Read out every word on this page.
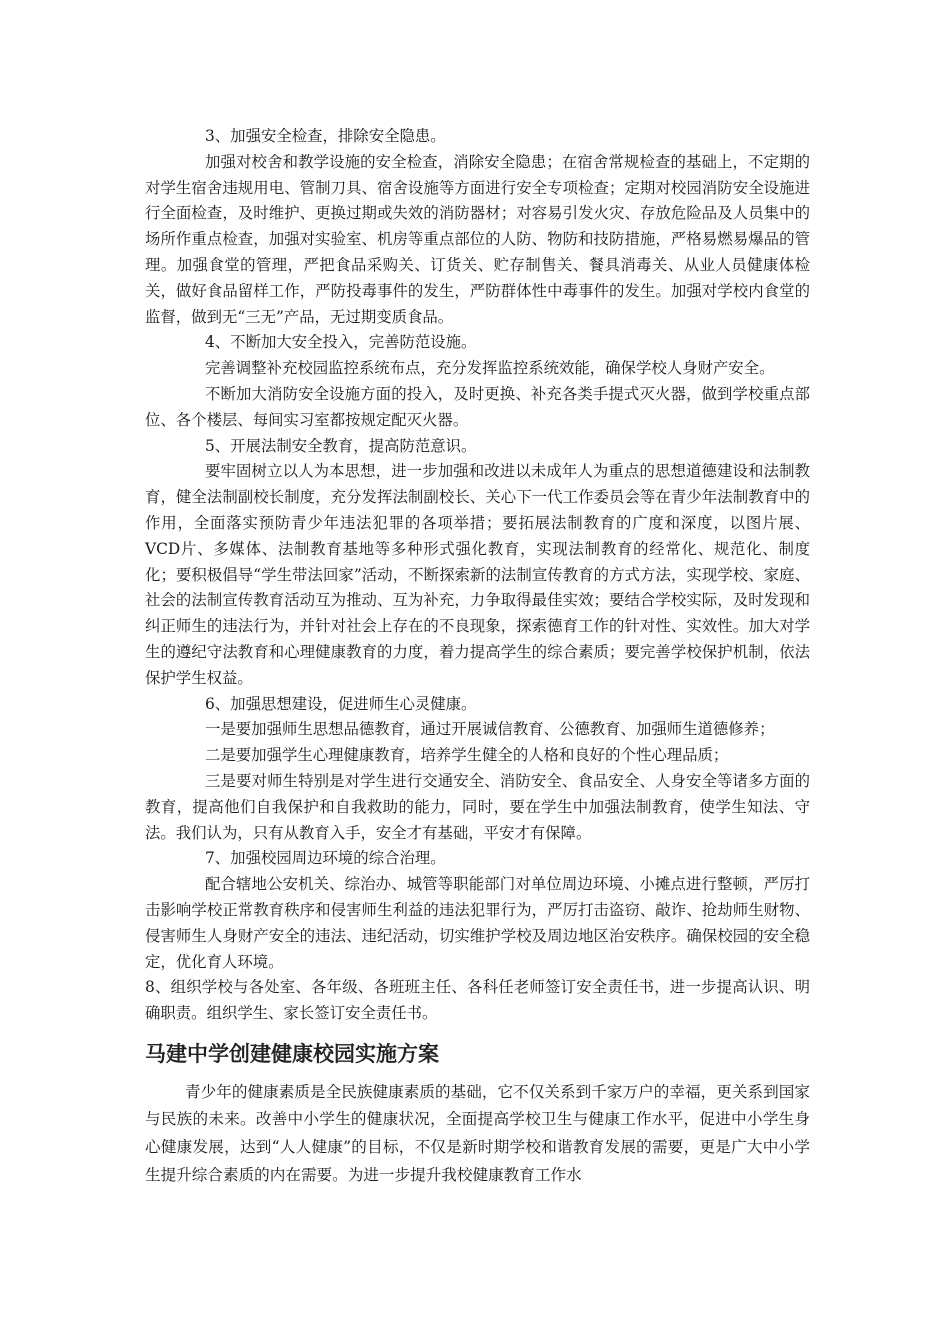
3、加强安全检查，排除安全隐患。

加强对校舍和教学设施的安全检查，消除安全隐患；在宿舍常规检查的基础上，不定期的对学生宿舍违规用电、管制刀具、宿舍设施等方面进行安全专项检查；定期对校园消防安全设施进行全面检查，及时维护、更换过期或失效的消防器材；对容易引发火灾、存放危险品及人员集中的场所作重点检查，加强对实验室、机房等重点部位的人防、物防和技防措施，严格易燃易爆品的管理。加强食堂的管理，严把食品采购关、订货关、贮存制售关、餐具消毒关、从业人员健康体检关，做好食品留样工作，严防投毒事件的发生，严防群体性中毒事件的发生。加强对学校内食堂的监督，做到无“三无”产品，无过期变质食品。

4、不断加大安全投入，完善防范设施。

完善调整补充校园监控系统布点，充分发挥监控系统效能，确保学校人身财产安全。

不断加大消防安全设施方面的投入，及时更换、补充各类手提式灭火器，做到学校重点部位、各个楼层、每间实习室都按规定配灭火器。

5、开展法制安全教育，提高防范意识。

要牢固树立以人为本思想，进一步加强和改进以未成年人为重点的思想道德建设和法制教育，健全法制副校长制度，充分发挥法制副校长、关心下一代工作委员会等在青少年法制教育中的作用，全面落实预防青少年违法犯罪的各项举措；要拓展法制教育的广度和深度，以图片展、VCD片、多媒体、法制教育基地等多种形式强化教育，实现法制教育的经常化、规范化、制度化；要积极倡导“学生带法回家”活动，不断探索新的法制宣传教育的方式方法，实现学校、家庭、社会的法制宣传教育活动互为推动、互为补充，力争取得最佳实效；要结合学校实际，及时发现和纠正师生的违法行为，并针对社会上存在的不良现象，探索德育工作的针对性、实效性。加大对学生的遵纪守法教育和心理健康教育的力度，着力提高学生的综合素质；要完善学校保护机制，依法保护学生权益。

6、加强思想建设，促进师生心灵健康。

一是要加强师生思想品德教育，通过开展诚信教育、公德教育、加强师生道德修养；

二是要加强学生心理健康教育，培养学生健全的人格和良好的个性心理品质；

三是要对师生特别是对学生进行交通安全、消防安全、食品安全、人身安全等诸多方面的教育，提高他们自我保护和自我救助的能力，同时，要在学生中加强法制教育，使学生知法、守法。我们认为，只有从教育入手，安全才有基础，平安才有保障。

7、加强校园周边环境的综合治理。

配合辖地公安机关、综治办、城管等职能部门对单位周边环境、小摊点进行整顿，严厉打击影响学校正常教育秩序和侵害师生利益的违法犯罪行为，严厉打击盗窃、敲诈、抢劫师生财物、侵害师生人身财产安全的违法、违纪活动，切实维护学校及周边地区治安秩序。确保校园的安全稳定，优化育人环境。

8、组织学校与各处室、各年级、各班班主任、各科任老师签订安全责任书，进一步提高认识、明确职责。组织学生、家长签订安全责任书。

马建中学创建健康校园实施方案

青少年的健康素质是全民族健康素质的基础，它不仅关系到千家万户的幸福，更关系到国家与民族的未来。改善中小学生的健康状况，全面提高学校卫生与健康工作水平，促进中小学生身心健康发展，达到“人人健康”的目标，不仅是新时期学校和谐教育发展的需要，更是广大中小学生提升综合素质的内在需要。为进一步提升我校健康教育工作水
